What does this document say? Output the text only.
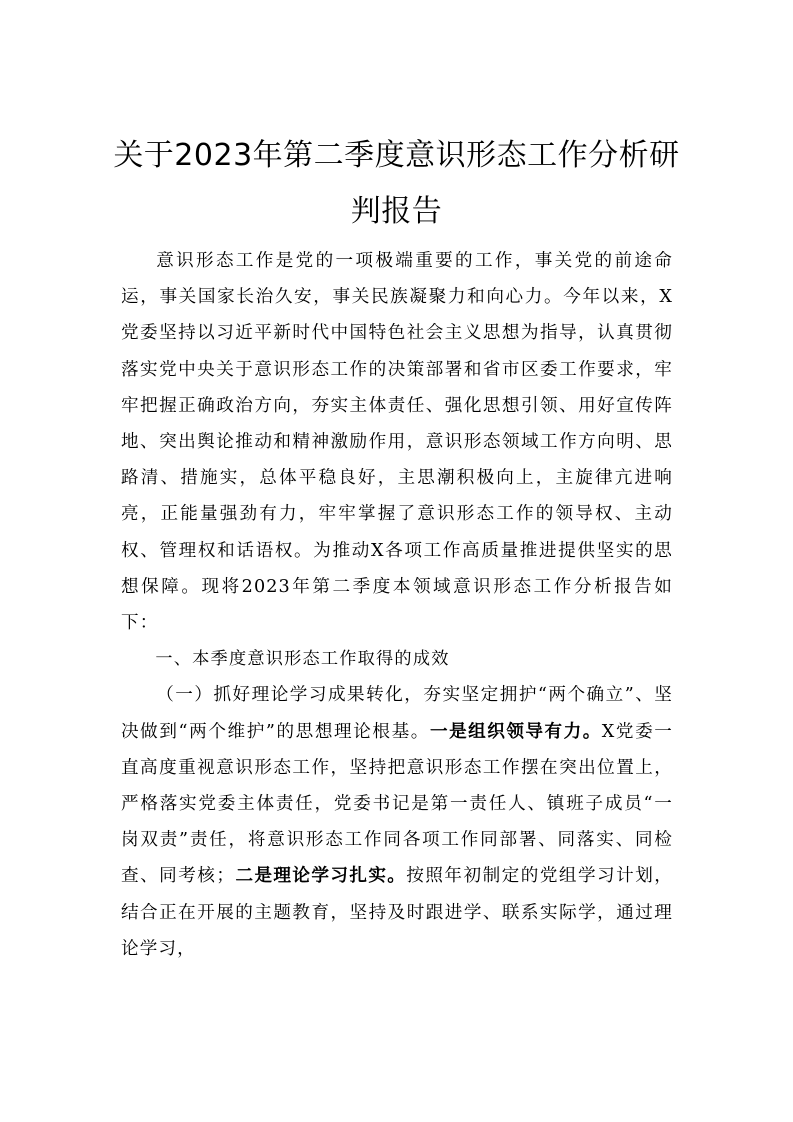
关于2023年第二季度意识形态工作分析研判报告

意识形态工作是党的一项极端重要的工作，事关党的前途命运，事关国家长治久安，事关民族凝聚力和向心力。今年以来，X党委坚持以习近平新时代中国特色社会主义思想为指导，认真贯彻落实党中央关于意识形态工作的决策部署和省市区委工作要求，牢牢把握正确政治方向，夯实主体责任、强化思想引领、用好宣传阵地、突出舆论推动和精神激励作用，意识形态领域工作方向明、思路清、措施实，总体平稳良好，主思潮积极向上，主旋律亢进响亮，正能量强劲有力，牢牢掌握了意识形态工作的领导权、主动权、管理权和话语权。为推动X各项工作高质量推进提供坚实的思想保障。现将2023年第二季度本领域意识形态工作分析报告如下：

一、本季度意识形态工作取得的成效

（一）抓好理论学习成果转化，夯实坚定拥护“两个确立”、坚决做到“两个维护”的思想理论根基。一是组织领导有力。X党委一直高度重视意识形态工作，坚持把意识形态工作摆在突出位置上，严格落实党委主体责任，党委书记是第一责任人、镇班子成员“一岗双责”责任，将意识形态工作同各项工作同部署、同落实、同检查、同考核；二是理论学习扎实。按照年初制定的党组学习计划，结合正在开展的主题教育，坚持及时跟进学、联系实际学，通过理论学习，
